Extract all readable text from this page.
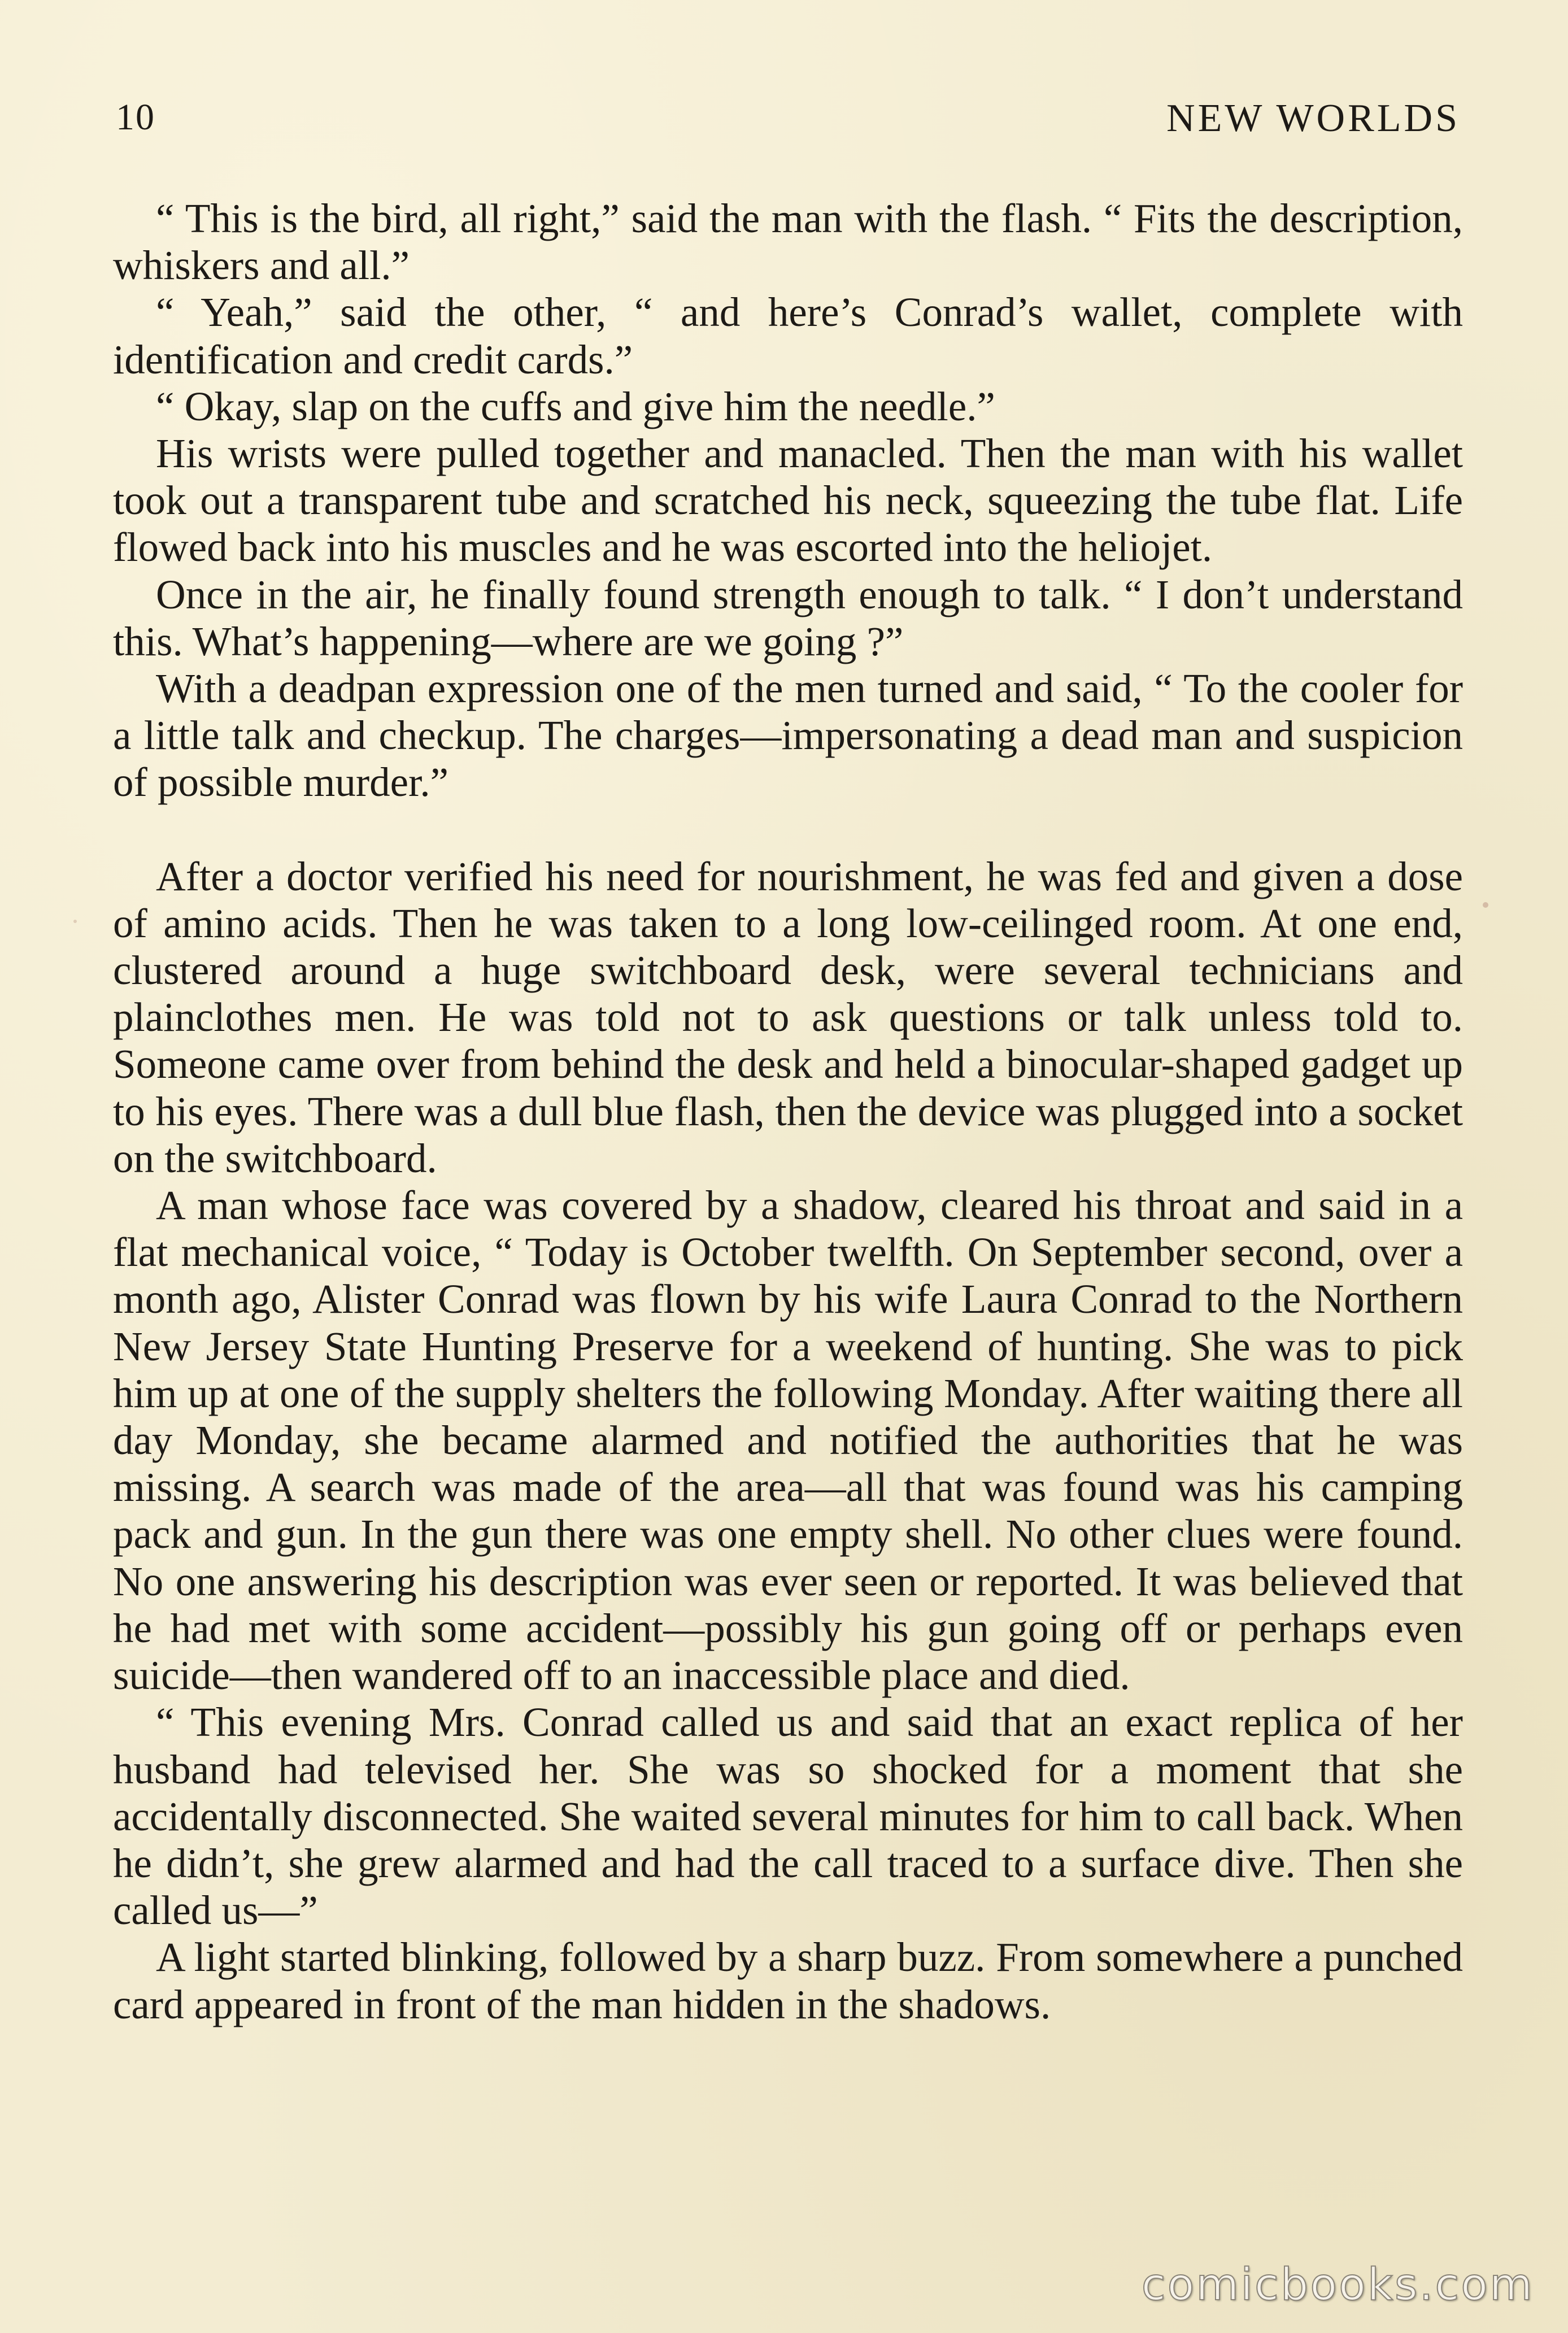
10	NEW WORLDS

“ This is the bird, all right,” said the man with the flash. “ Fits the description, whiskers and all.”

“ Yeah,” said the other, “ and here’s Conrad’s wallet, complete with identification and credit cards.”

“ Okay, slap on the cuffs and give him the needle.”

His wrists were pulled together and manacled. Then the man with his wallet took out a transparent tube and scratched his neck, squeezing the tube flat. Life flowed back into his muscles and he was escorted into the heliojet.

Once in the air, he finally found strength enough to talk. “ I don’t understand this. What’s happening—where are we going ?”

With a deadpan expression one of the men turned and said, “ To the cooler for a little talk and checkup. The charges—impersonating a dead man and suspicion of possible murder.”

After a doctor verified his need for nourishment, he was fed and given a dose of amino acids. Then he was taken to a long low-ceilinged room. At one end, clustered around a huge switchboard desk, were several technicians and plainclothes men. He was told not to ask questions or talk unless told to. Someone came over from behind the desk and held a binocular-shaped gadget up to his eyes. There was a dull blue flash, then the device was plugged into a socket on the switchboard.

A man whose face was covered by a shadow, cleared his throat and said in a flat mechanical voice, “ Today is October twelfth. On September second, over a month ago, Alister Conrad was flown by his wife Laura Conrad to the Northern New Jersey State Hunting Preserve for a weekend of hunting. She was to pick him up at one of the supply shelters the following Monday. After waiting there all day Monday, she became alarmed and notified the authorities that he was missing. A search was made of the area—all that was found was his camping pack and gun. In the gun there was one empty shell. No other clues were found. No one answering his description was ever seen or reported. It was believed that he had met with some accident—possibly his gun going off or perhaps even suicide—then wandered off to an inaccessible place and died.

“ This evening Mrs. Conrad called us and said that an exact replica of her husband had televised her. She was so shocked for a moment that she accidentally disconnected. She waited several minutes for him to call back. When he didn’t, she grew alarmed and had the call traced to a surface dive. Then she called us—”

A light started blinking, followed by a sharp buzz. From somewhere a punched card appeared in front of the man hidden in the shadows.

comicbooks.com
